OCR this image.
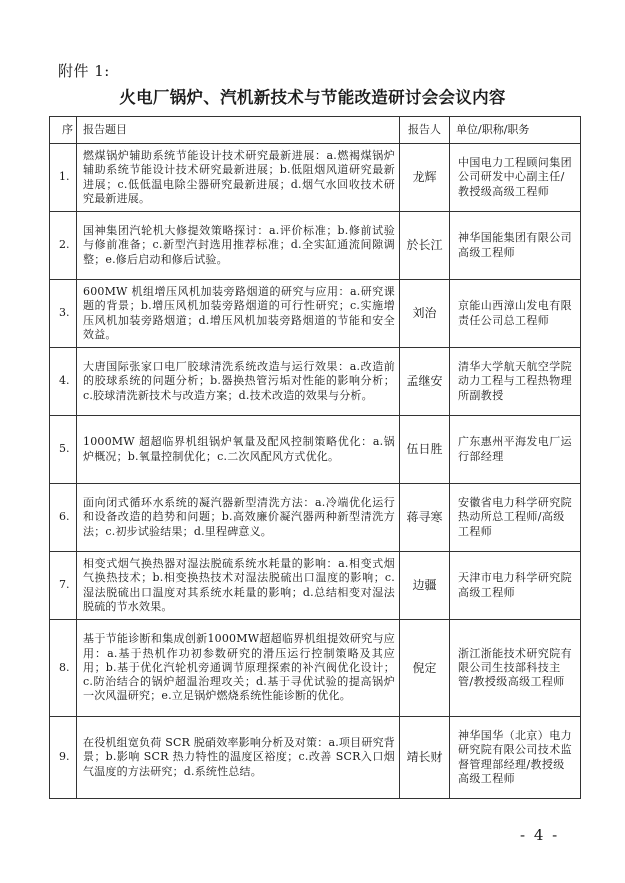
附件 1:
火电厂锅炉、汽机新技术与节能改造研讨会会议内容
序	报告题目	报告人	单位/职称/职务
1.	燃煤锅炉辅助系统节能设计技术研究最新进展：a.燃褐煤锅炉辅助系统节能设计技术研究最新进展；b.低阻烟风道研究最新进展；c.低低温电除尘器研究最新进展；d.烟气水回收技术研究最新进展。	龙辉	中国电力工程顾问集团公司研发中心副主任/教授级高级工程师
2.	国神集团汽轮机大修提效策略探讨：a.评价标准；b.修前试验与修前准备；c.新型汽封选用推荐标准；d.全实缸通流间隙调整；e.修后启动和修后试验。	於长江	神华国能集团有限公司高级工程师
3.	600MW 机组增压风机加装旁路烟道的研究与应用：a.研究课题的背景；b.增压风机加装旁路烟道的可行性研究；c.实施增压风机加装旁路烟道；d.增压风机加装旁路烟道的节能和安全效益。	刘治	京能山西漳山发电有限责任公司总工程师
4.	大唐国际张家口电厂胶球清洗系统改造与运行效果：a.改造前的胶球系统的问题分析；b.器换热管污垢对性能的影响分析；c.胶球清洗新技术与改造方案；d.技术改造的效果与分析。	孟继安	清华大学航天航空学院动力工程与工程热物理所副教授
5.	1000MW 超超临界机组锅炉氧量及配风控制策略优化：a.锅炉概况；b.氧量控制优化；c.二次风配风方式优化。	伍日胜	广东惠州平海发电厂运行部经理
6.	面向闭式循环水系统的凝汽器新型清洗方法：a.冷端优化运行和设备改造的趋势和问题；b.高效廉价凝汽器两种新型清洗方法；c.初步试验结果；d.里程碑意义。	蒋寻寒	安徽省电力科学研究院热动所总工程师/高级工程师
7.	相变式烟气换热器对湿法脱硫系统水耗量的影响：a.相变式烟气换热技术；b.相变换热技术对湿法脱硫出口温度的影响；c.湿法脱硫出口温度对其系统水耗量的影响；d.总结相变对湿法脱硫的节水效果。	边疆	天津市电力科学研究院高级工程师
8.	基于节能诊断和集成创新1000MW超超临界机组提效研究与应用：a.基于热机作功初参数研究的滑压运行控制策略及其应用；b.基于优化汽轮机旁通调节原理探索的补汽阀优化设计；c.防治结合的锅炉超温治理攻关；d.基于寻优试验的提高锅炉一次风温研究；e.立足锅炉燃烧系统性能诊断的优化。	倪定	浙江浙能技术研究院有限公司生技部科技主管/教授级高级工程师
9.	在役机组宽负荷 SCR 脱硝效率影响分析及对策：a.项目研究背景；b.影响 SCR 热力特性的温度区裕度；c.改善 SCR入口烟气温度的方法研究；d.系统性总结。	靖长财	神华国华（北京）电力研究院有限公司技术监督管理部经理/教授级高级工程师
- 4 -
